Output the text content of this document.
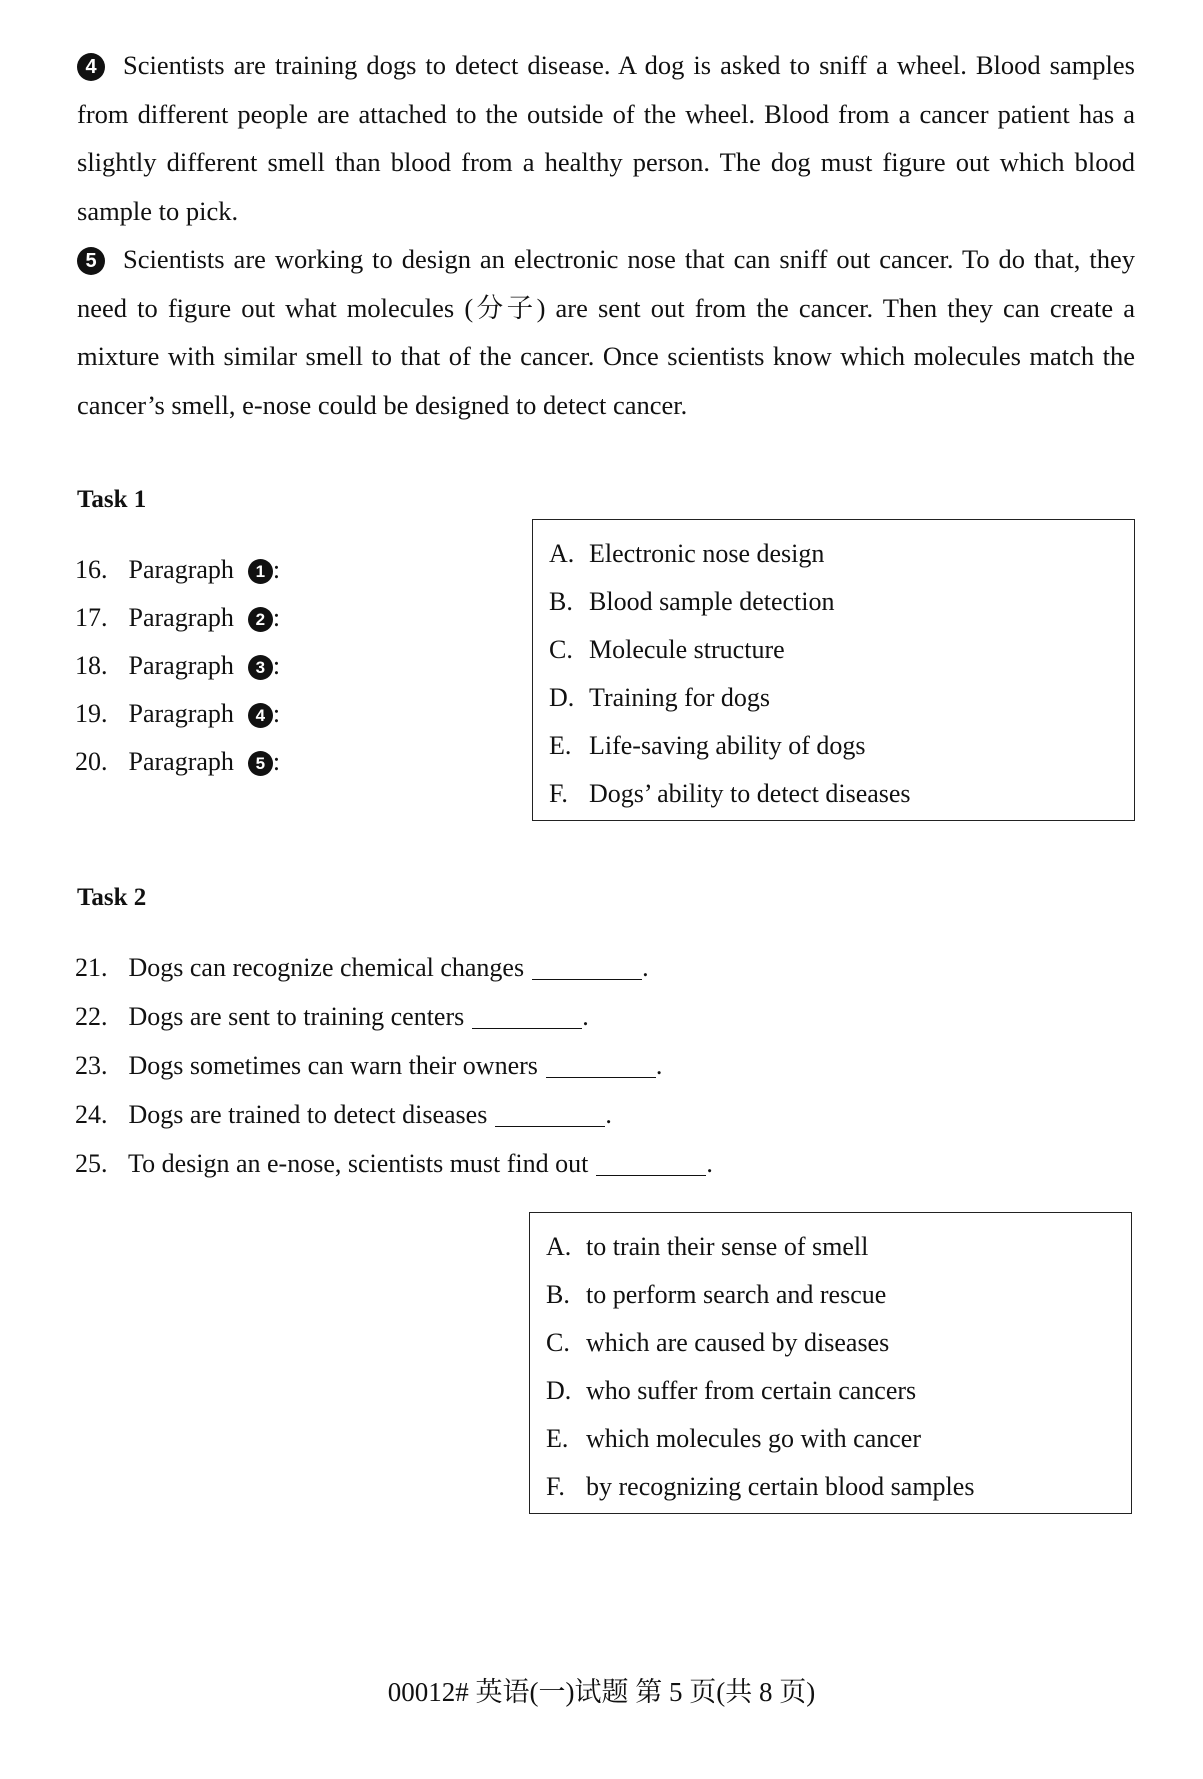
4 Scientists are training dogs to detect disease. A dog is asked to sniff a wheel. Blood samples from different people are attached to the outside of the wheel. Blood from a cancer patient has a slightly different smell than blood from a healthy person. The dog must figure out which blood sample to pick.
5 Scientists are working to design an electronic nose that can sniff out cancer. To do that, they need to figure out what molecules (分子) are sent out from the cancer. Then they can create a mixture with similar smell to that of the cancer. Once scientists know which molecules match the cancer’s smell, e-nose could be designed to detect cancer.
Task 1
16. Paragraph 1 :
17. Paragraph 2 :
18. Paragraph 3 :
19. Paragraph 4 :
20. Paragraph 5 :
A. Electronic nose design
B. Blood sample detection
C. Molecule structure
D. Training for dogs
E. Life-saving ability of dogs
F. Dogs’ ability to detect diseases
Task 2
21. Dogs can recognize chemical changes	.
22. Dogs are sent to training centers	.
23. Dogs sometimes can warn their owners	.
24. Dogs are trained to detect diseases	.
25. To design an e-nose, scientists must find out	.
A. to train their sense of smell
B. to perform search and rescue
C. which are caused by diseases
D. who suffer from certain cancers
E. which molecules go with cancer
F. by recognizing certain blood samples
00012# 英语(一)试题 第 5 页(共 8 页)
